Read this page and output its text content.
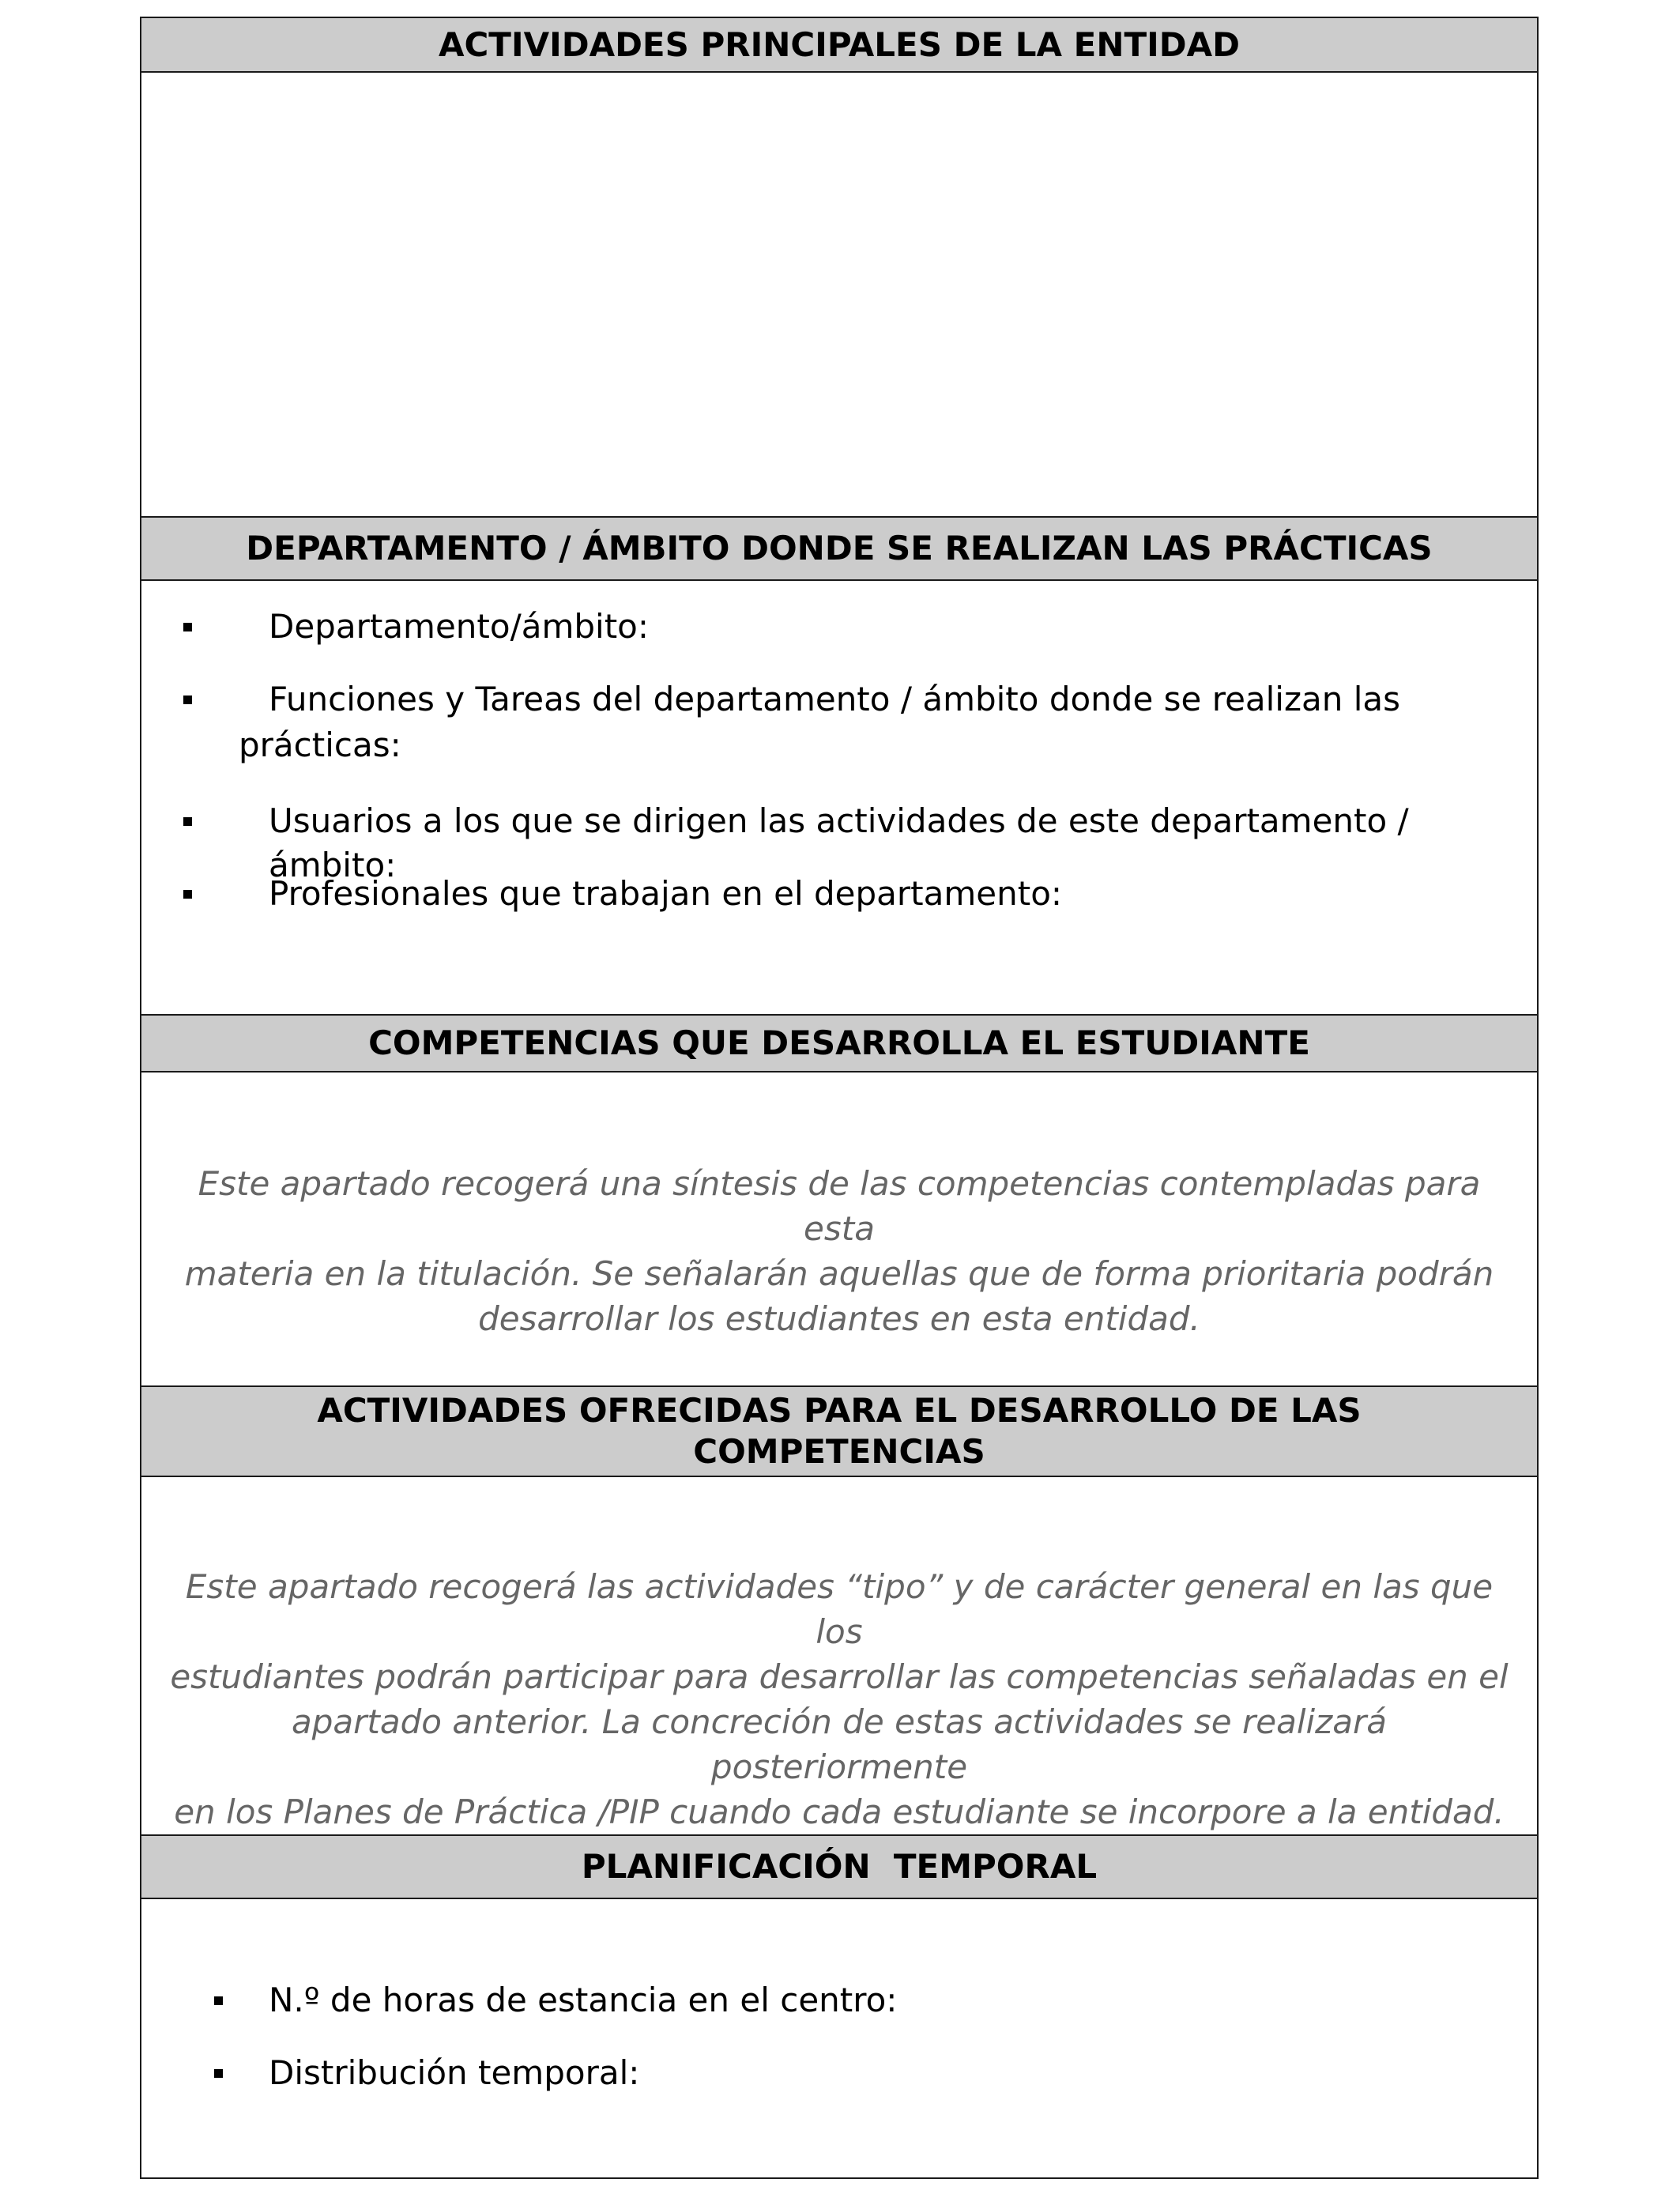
ACTIVIDADES PRINCIPALES DE LA ENTIDAD
DEPARTAMENTO / ÁMBITO DONDE SE REALIZAN LAS PRÁCTICAS
Departamento/ámbito:
Funciones y Tareas del departamento / ámbito donde se realizan las
prácticas:
Usuarios a los que se dirigen las actividades de este departamento / ámbito:
Profesionales que trabajan en el departamento:
COMPETENCIAS QUE DESARROLLA EL ESTUDIANTE
Este apartado recogerá una síntesis de las competencias contempladas para esta
materia en la titulación. Se señalarán aquellas que de forma prioritaria podrán
desarrollar los estudiantes en esta entidad.
ACTIVIDADES OFRECIDAS PARA EL DESARROLLO DE LAS
COMPETENCIAS
Este apartado recogerá las actividades “tipo” y de carácter general en las que los
estudiantes podrán participar para desarrollar las competencias señaladas en el
apartado anterior. La concreción de estas actividades se realizará posteriormente
en los Planes de Práctica /PIP cuando cada estudiante se incorpore a la entidad.
PLANIFICACIÓN  TEMPORAL
N.º de horas de estancia en el centro:
Distribución temporal:
